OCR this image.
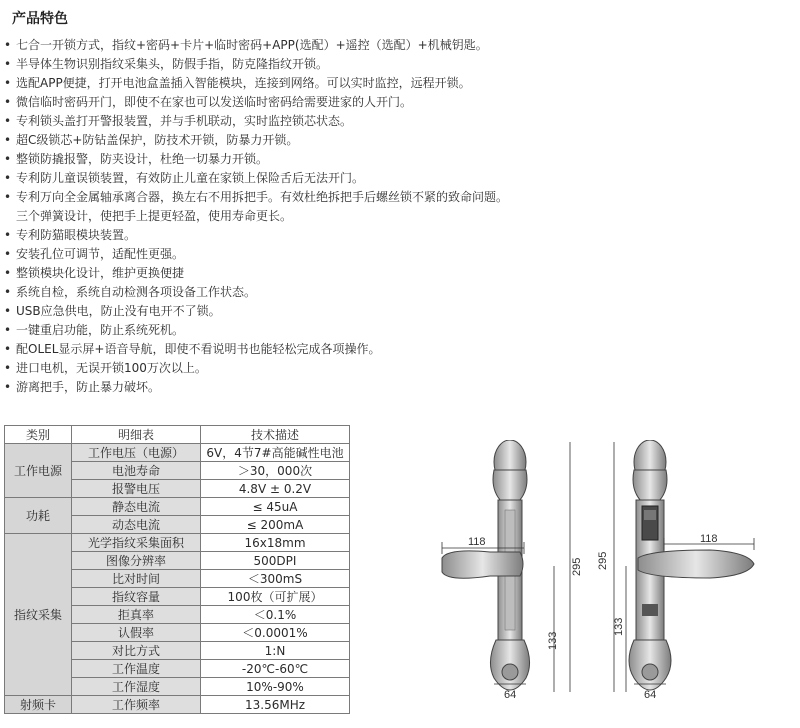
产品特色
• 七合一开锁方式，指纹+密码+卡片+临时密码+APP(选配）+遥控（选配）+机械钥匙。
• 半导体生物识别指纹采集头，防假手指，防克隆指纹开锁。
• 选配APP便捷，打开电池盒盖插入智能模块，连接到网络。可以实时监控，远程开锁。
• 微信临时密码开门，即使不在家也可以发送临时密码给需要进家的人开门。
• 专利锁头盖打开警报装置，并与手机联动，实时监控锁芯状态。
• 超C级锁芯+防钻盖保护，防技术开锁，防暴力开锁。
• 整锁防撬报警，防夹设计，杜绝一切暴力开锁。
• 专利防儿童误锁装置，有效防止儿童在家锁上保险舌后无法开门。
• 专利万向全金属轴承离合器，换左右不用拆把手。有效杜绝拆把手后螺丝锁不紧的致命问题。
三个弹簧设计，使把手上提更轻盈，使用寿命更长。
• 专利防猫眼模块装置。
• 安装孔位可调节，适配性更强。
• 整锁模块化设计，维护更换便捷
• 系统自检，系统自动检测各项设备工作状态。
• USB应急供电，防止没有电开不了锁。
• 一键重启功能，防止系统死机。
• 配OLEL显示屏+语音导航，即使不看说明书也能轻松完成各项操作。
• 进口电机，无误开锁100万次以上。
• 游离把手，防止暴力破坏。
类别	明细表	技术描述
工作电源	工作电压（电源）	6V，4节7#高能碱性电池
	电池寿命	＞30，000次
	报警电压	4.8V ± 0.2V
功耗	静态电流	≤ 45uA
	动态电流	≤ 200mA
指纹采集	光学指纹采集面积	16x18mm
	图像分辨率	500DPI
	比对时间	＜300mS
	指纹容量	100枚（可扩展）
	拒真率	＜0.1%
	认假率	＜0.0001%
	对比方式	1:N
	工作温度	-20℃-60℃
	工作湿度	10%-90%
射频卡	工作频率	13.56MHz
118
295
133
64
118
295
133
64
